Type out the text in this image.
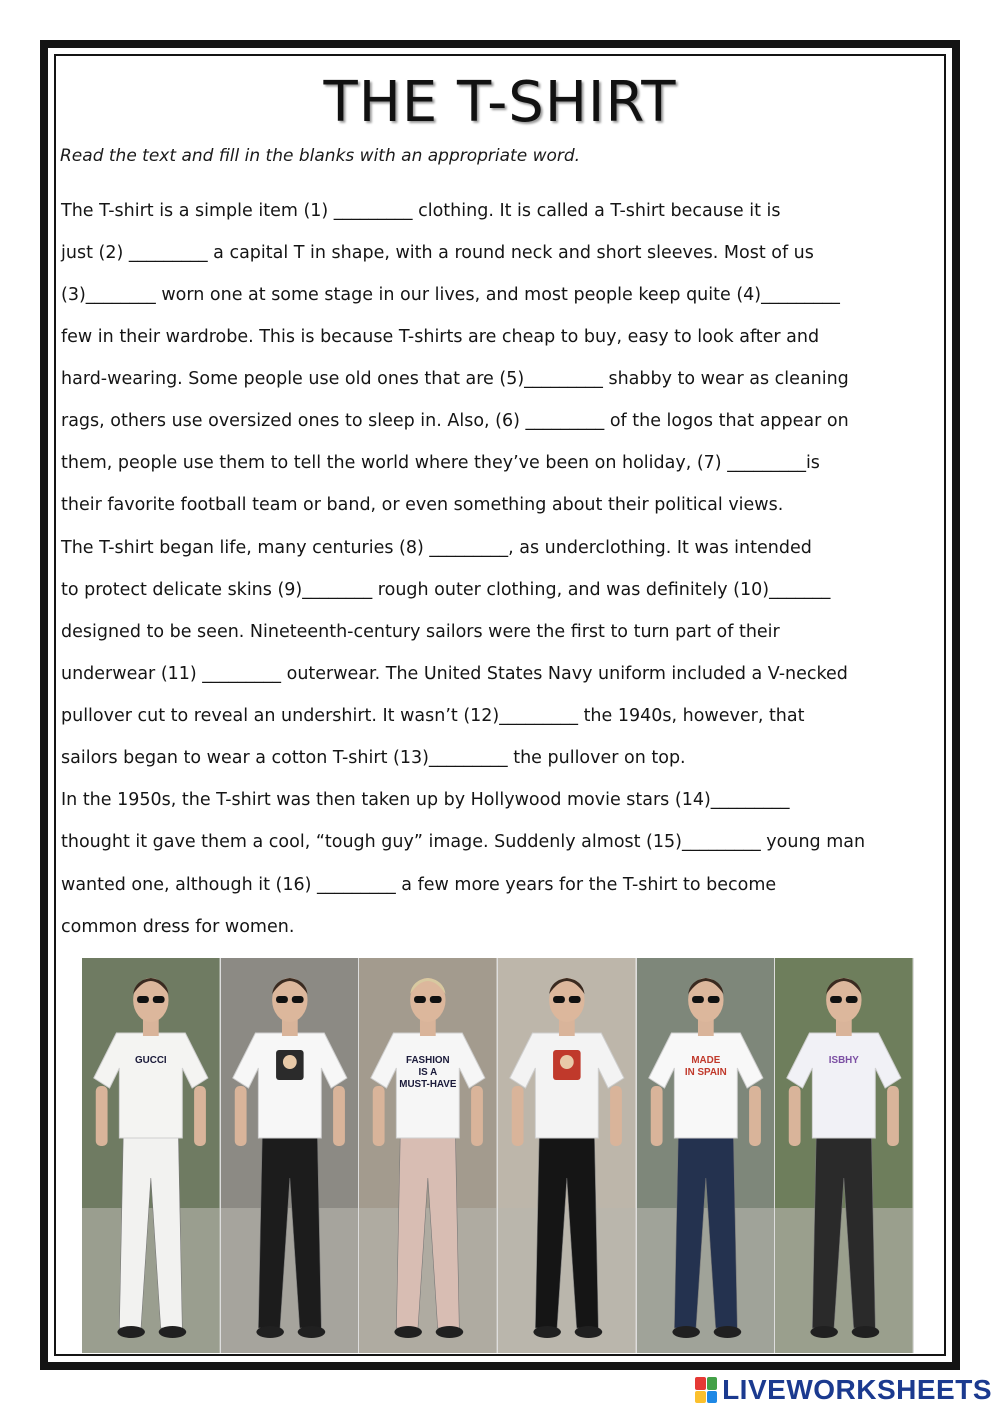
THE T-SHIRT
Read the text and fill in the blanks with an appropriate word.
The T-shirt is a simple item (1) _________ clothing. It is called a T-shirt because it is
just (2) _________ a capital T in shape, with a round neck and short sleeves. Most of us
(3)________ worn one at some stage in our lives, and most people keep quite (4)_________
few in their wardrobe. This is because T-shirts are cheap to buy, easy to look after and
hard-wearing. Some people use old ones that are (5)_________ shabby to wear as cleaning
rags, others use oversized ones to sleep in. Also, (6) _________ of the logos that appear on
them, people use them to tell the world where they’ve been on holiday, (7) _________is
their favorite football team or band, or even something about their political views.
The T-shirt began life, many centuries (8) _________, as underclothing. It was intended
to protect delicate skins (9)________ rough outer clothing, and was definitely (10)_______
designed to be seen. Nineteenth-century sailors were the first to turn part of their
underwear (11) _________ outerwear. The United States Navy uniform included a V-necked
pullover cut to reveal an undershirt. It wasn’t (12)_________ the 1940s, however, that
sailors began to wear a cotton T-shirt (13)_________ the pullover on top.
In the 1950s, the T-shirt was then taken up by Hollywood movie stars (14)_________
thought it gave them a cool, “tough guy” image. Suddenly almost (15)_________ young man
wanted one, although it (16) _________ a few more years for the T-shirt to become
common dress for women.
GUCCI	FASHION
IS A
MUST-HAVE
MADE
IN SPAIN
ISBHY
LIVEWORKSHEETS
